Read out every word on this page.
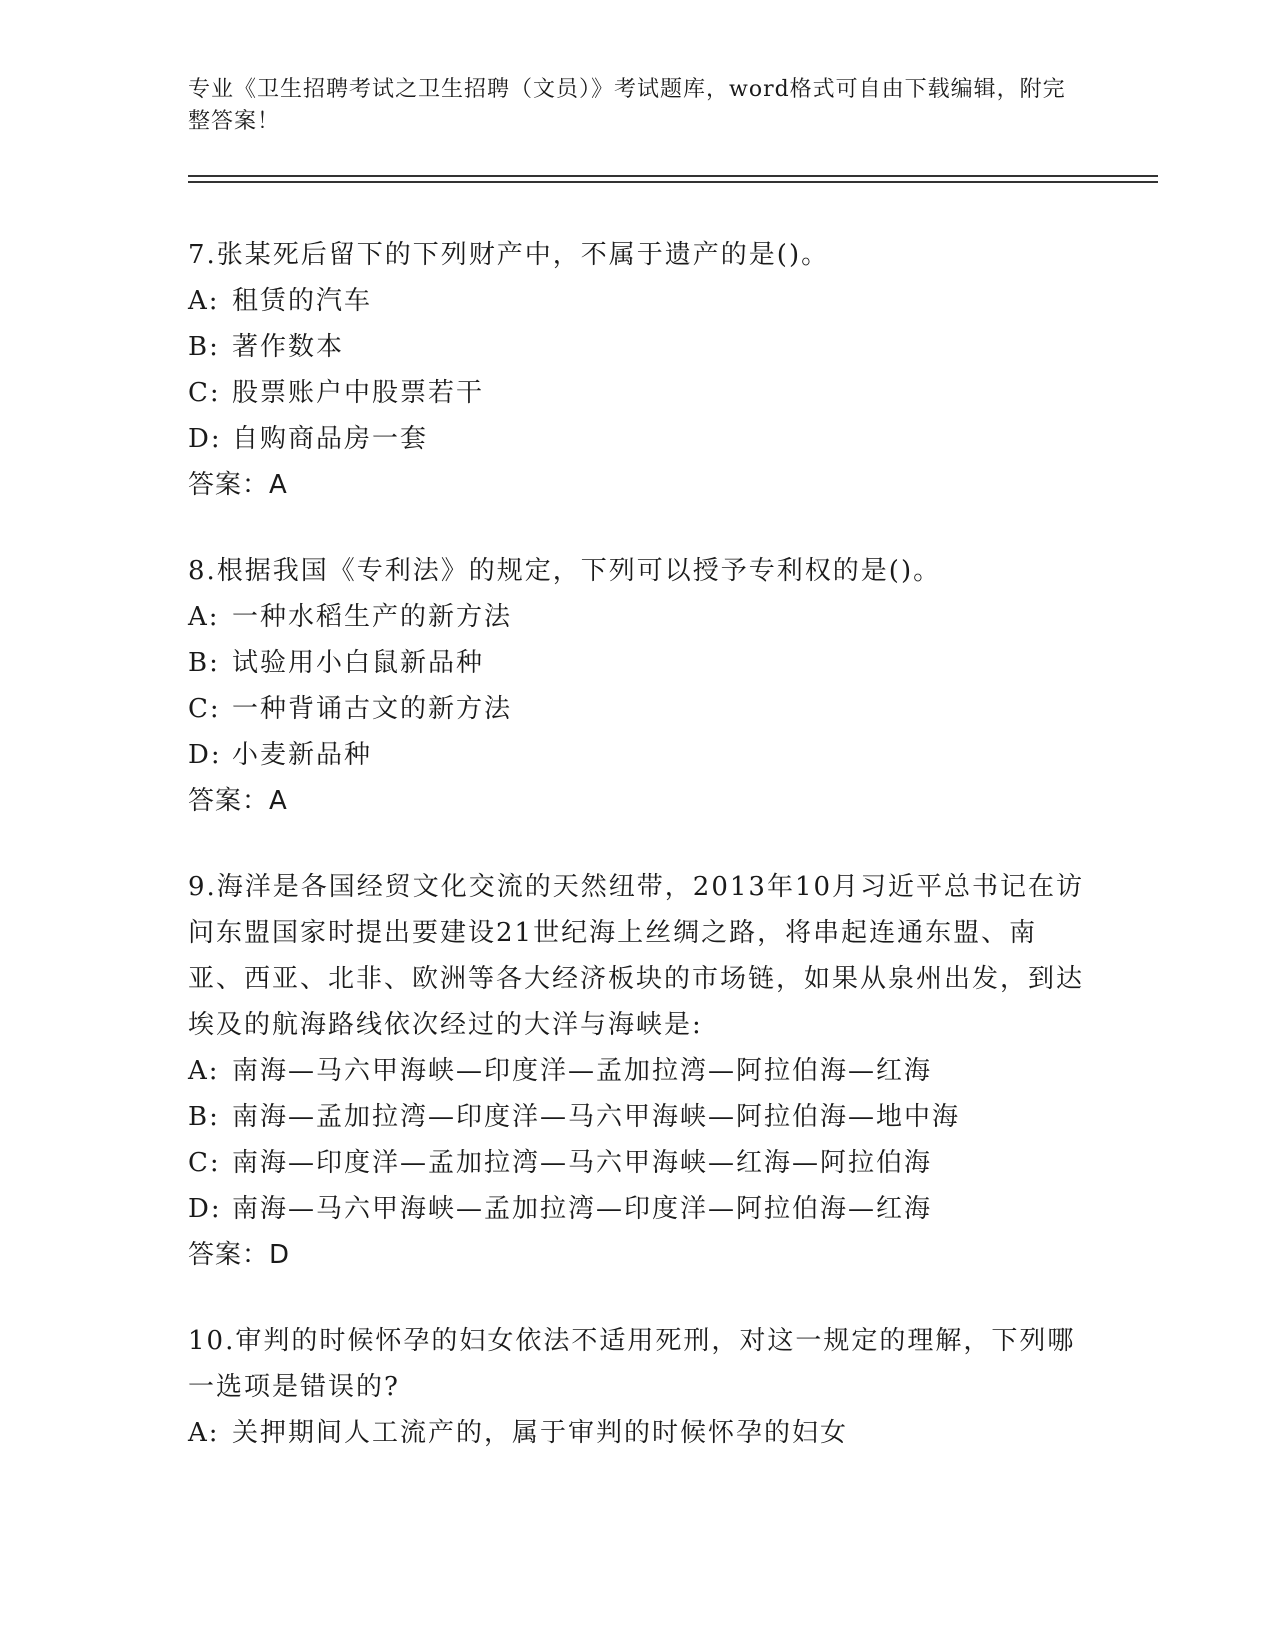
专业《卫生招聘考试之卫生招聘（文员）》考试题库，word格式可自由下载编辑，附完整答案！

7.张某死后留下的下列财产中，不属于遗产的是()。

A: 租赁的汽车

B: 著作数本

C: 股票账户中股票若干

D: 自购商品房一套

答案：A

8.根据我国《专利法》的规定，下列可以授予专利权的是()。

A: 一种水稻生产的新方法

B: 试验用小白鼠新品种

C: 一种背诵古文的新方法

D: 小麦新品种

答案：A

9.海洋是各国经贸文化交流的天然纽带，2013年10月习近平总书记在访问东盟国家时提出要建设21世纪海上丝绸之路，将串起连通东盟、南亚、西亚、北非、欧洲等各大经济板块的市场链，如果从泉州出发，到达埃及的航海路线依次经过的大洋与海峡是:

A: 南海—马六甲海峡—印度洋—孟加拉湾—阿拉伯海—红海

B: 南海—孟加拉湾—印度洋—马六甲海峡—阿拉伯海—地中海

C: 南海—印度洋—孟加拉湾—马六甲海峡—红海—阿拉伯海

D: 南海—马六甲海峡—孟加拉湾—印度洋—阿拉伯海—红海

答案：D

10.审判的时候怀孕的妇女依法不适用死刑，对这一规定的理解，下列哪一选项是错误的?

A: 关押期间人工流产的，属于审判的时候怀孕的妇女
